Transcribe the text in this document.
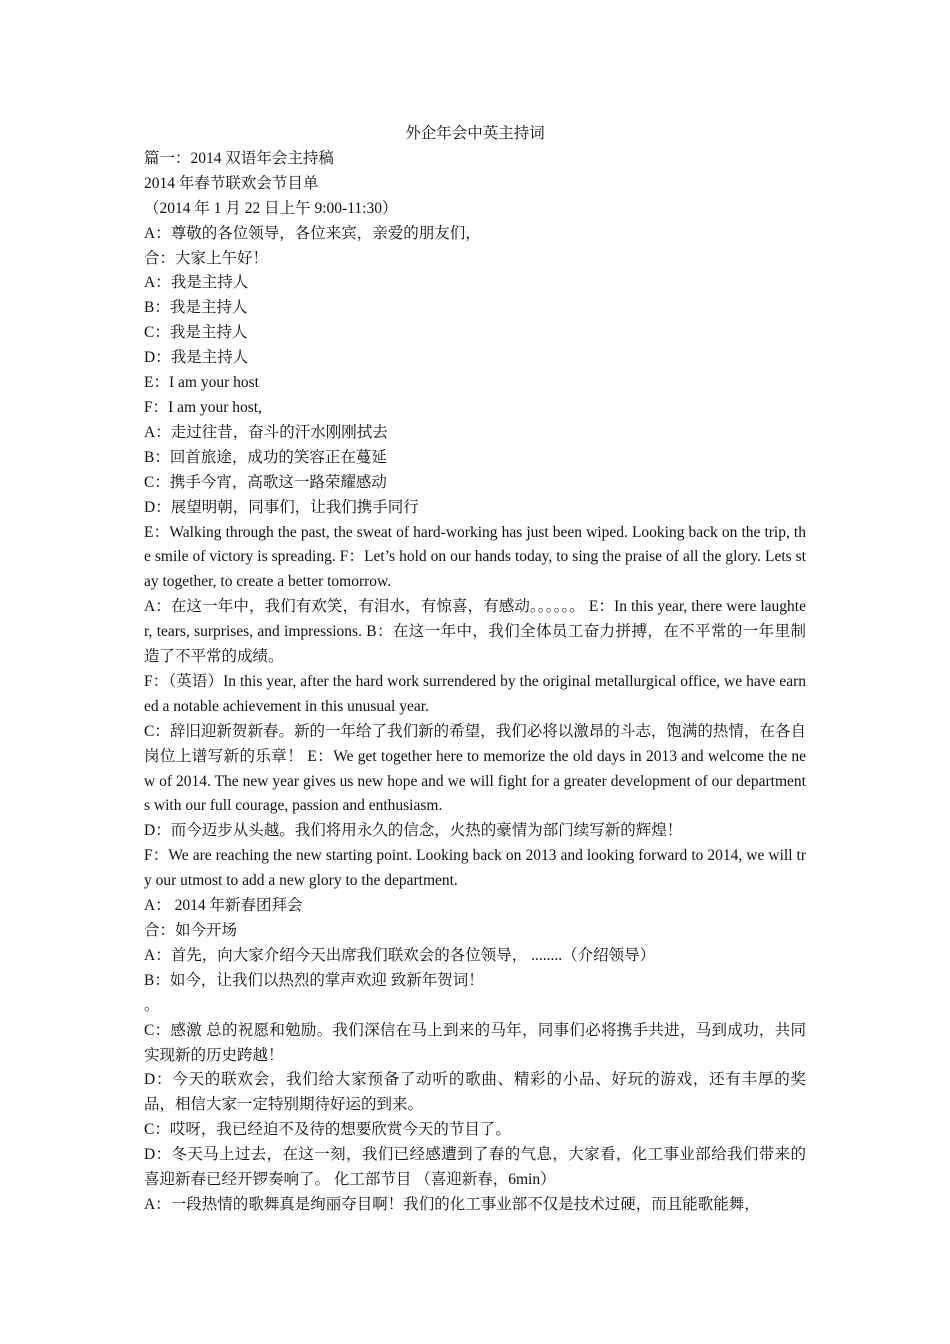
外企年会中英主持词

篇一：2014 双语年会主持稿

2014 年春节联欢会节目单

（2014 年 1 月 22 日上午 9:00-11:30）

A：尊敬的各位领导，各位来宾，亲爱的朋友们，

合：大家上午好！

A：我是主持人

B：我是主持人

C：我是主持人

D：我是主持人

E：I am your host

F：I am your host,

A：走过往昔，奋斗的汗水刚刚拭去

B：回首旅途，成功的笑容正在蔓延

C：携手今宵，高歌这一路荣耀感动

D：展望明朝，同事们，让我们携手同行

E：Walking through the past, the sweat of hard-working has just been wiped. Looking back on the trip, the smile of victory is spreading. F：Let’s hold on our hands today, to sing the praise of all the glory. Lets stay together, to create a better tomorrow.

A：在这一年中，我们有欢笑，有泪水，有惊喜，有感动。。。。。。 E：In this year, there were laughter, tears, surprises, and impressions. B：在这一年中，我们全体员工奋力拼搏，在不平常的一年里制造了不平常的成绩。

F：（英语）In this year, after the hard work surrendered by the original metallurgical office, we have earned a notable achievement in this unusual year.

C：辞旧迎新贺新春。新的一年给了我们新的希望，我们必将以激昂的斗志，饱满的热情，在各自岗位上谱写新的乐章！ E：We get together here to memorize the old days in 2013 and welcome the new of 2014. The new year gives us new hope and we will fight for a greater development of our departments with our full courage, passion and enthusiasm.

D：而今迈步从头越。我们将用永久的信念，火热的豪情为部门续写新的辉煌！

F：We are reaching the new starting point. Looking back on 2013 and looking forward to 2014, we will try our utmost to add a new glory to the department.

A： 2014 年新春团拜会

合：如今开场

A：首先，向大家介绍今天出席我们联欢会的各位领导， ........（介绍领导）

B：如今，让我们以热烈的掌声欢迎 致新年贺词！

。

C：感激 总的祝愿和勉励。我们深信在马上到来的马年，同事们必将携手共进，马到成功，共同实现新的历史跨越！

D：今天的联欢会，我们给大家预备了动听的歌曲、精彩的小品、好玩的游戏，还有丰厚的奖品，相信大家一定特别期待好运的到来。

C：哎呀，我已经迫不及待的想要欣赏今天的节目了。

D：冬天马上过去，在这一刻，我们已经感遭到了春的气息，大家看，化工事业部给我们带来的喜迎新春已经开锣奏响了。 化工部节目 （喜迎新春，6min）

A：一段热情的歌舞真是绚丽夺目啊！我们的化工事业部不仅是技术过硬，而且能歌能舞，
